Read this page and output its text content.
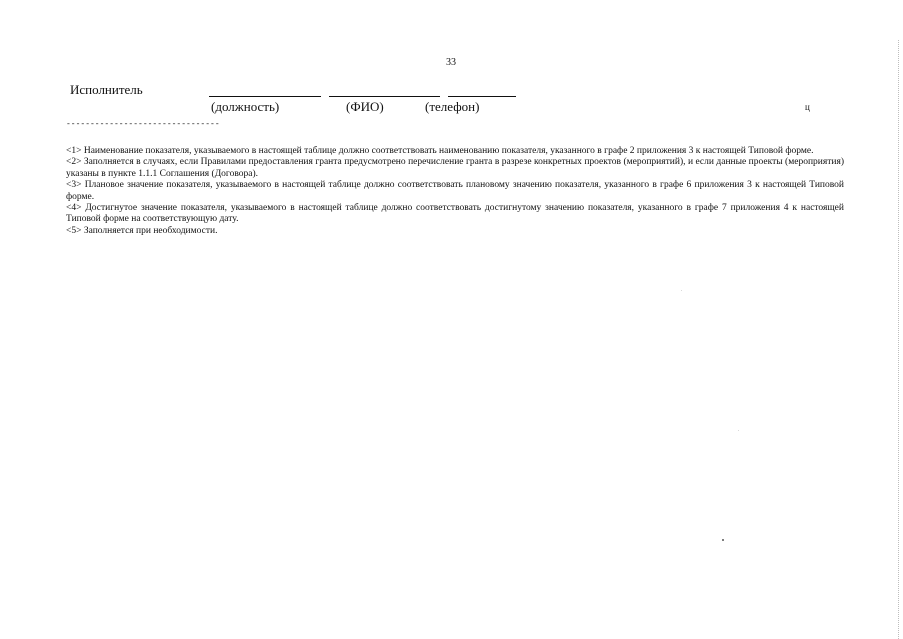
33
Исполнитель
(должность)	(ФИО)	(телефон)	ц
--------------------------------

<1> Наименование показателя, указываемого в настоящей таблице должно соответствовать наименованию показателя, указанного в графе 2 приложения 3 к настоящей Типовой форме.

<2> Заполняется в случаях, если Правилами предоставления гранта предусмотрено перечисление гранта в разрезе конкретных проектов (мероприятий), и если данные проекты (мероприятия) указаны в пункте 1.1.1 Соглашения (Договора).

<3> Плановое значение показателя, указываемого в настоящей таблице должно соответствовать плановому значению показателя, указанного в графе 6 приложения 3 к настоящей Типовой форме.

<4> Достигнутое значение показателя, указываемого в настоящей таблице должно соответствовать достигнутому значению показателя, указанного в графе 7 приложения 4 к настоящей Типовой форме на соответствующую дату.

<5> Заполняется при необходимости.
